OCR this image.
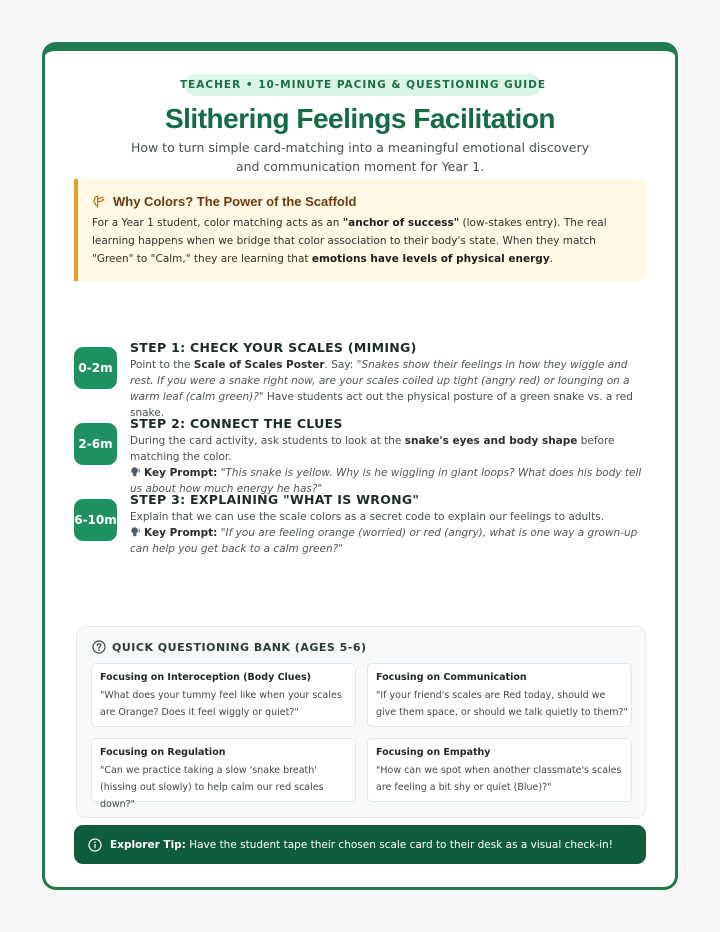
TEACHER • 10-MINUTE PACING & QUESTIONING GUIDE
Slithering Feelings Facilitation
How to turn simple card-matching into a meaningful emotional discovery and communication moment for Year 1.
Why Colors? The Power of the Scaffold
For a Year 1 student, color matching acts as an "anchor of success" (low-stakes entry). The real learning happens when we bridge that color association to their body's state. When they match "Green" to "Calm," they are learning that emotions have levels of physical energy.
0-2m
STEP 1: CHECK YOUR SCALES (MIMING)
Point to the Scale of Scales Poster. Say: "Snakes show their feelings in how they wiggle and rest. If you were a snake right now, are your scales coiled up tight (angry red) or lounging on a warm leaf (calm green)?" Have students act out the physical posture of a green snake vs. a red snake.
2-6m
STEP 2: CONNECT THE CLUES
During the card activity, ask students to look at the snake's eyes and body shape before matching the color.
Key Prompt: "This snake is yellow. Why is he wiggling in giant loops? What does his body tell us about how much energy he has?"
6-10m
STEP 3: EXPLAINING "WHAT IS WRONG"
Explain that we can use the scale colors as a secret code to explain our feelings to adults.
Key Prompt: "If you are feeling orange (worried) or red (angry), what is one way a grown-up can help you get back to a calm green?"
QUICK QUESTIONING BANK (AGES 5-6)
Focusing on Interoception (Body Clues)
"What does your tummy feel like when your scales are Orange? Does it feel wiggly or quiet?"
Focusing on Communication
"If your friend's scales are Red today, should we give them space, or should we talk quietly to them?"
Focusing on Regulation
"Can we practice taking a slow 'snake breath' (hissing out slowly) to help calm our red scales down?"
Focusing on Empathy
"How can we spot when another classmate's scales are feeling a bit shy or quiet (Blue)?"
Explorer Tip: Have the student tape their chosen scale card to their desk as a visual check-in!
